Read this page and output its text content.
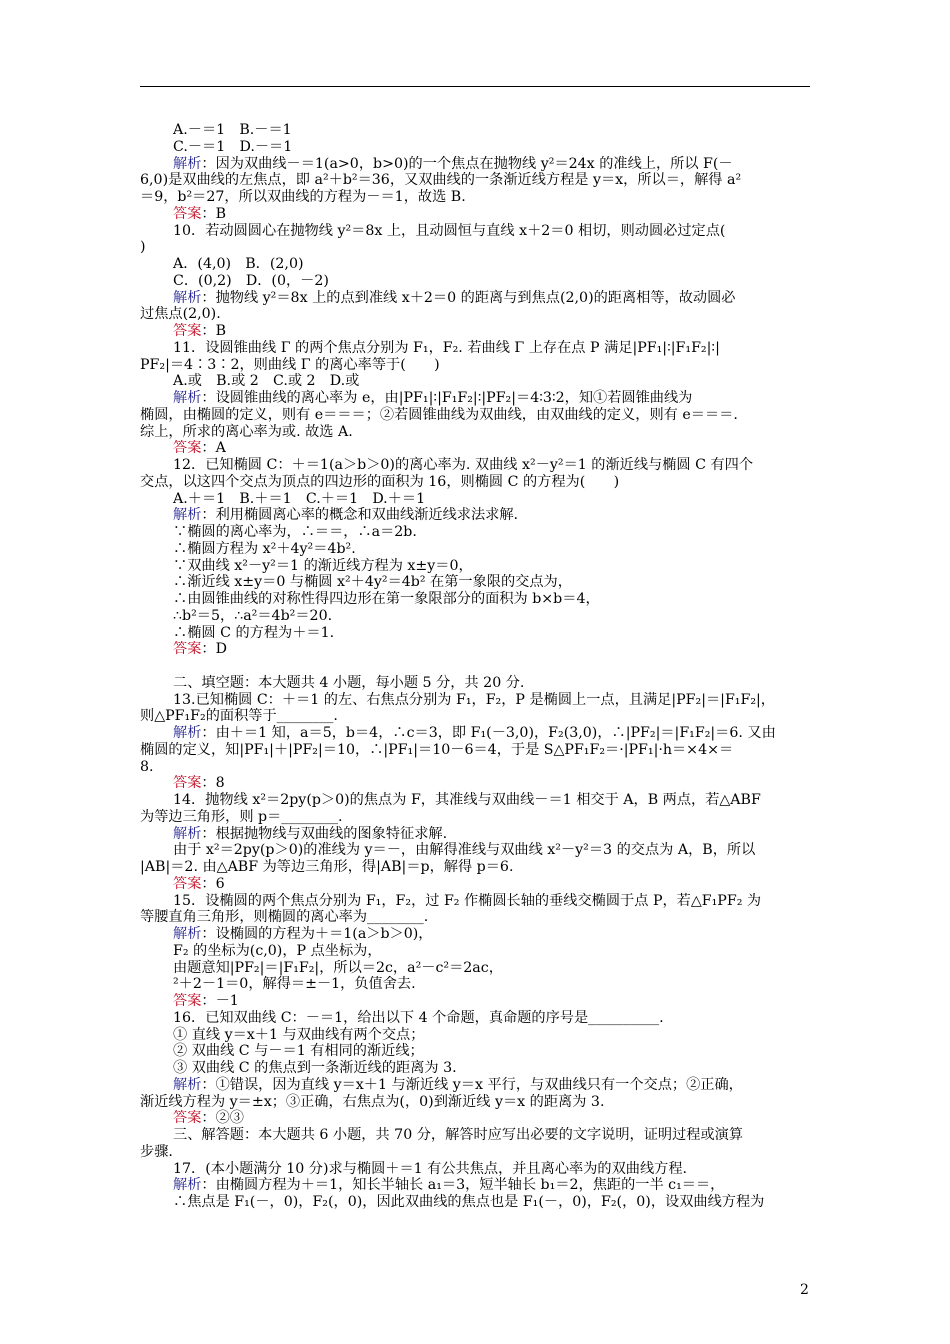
A.－＝1　B.－＝1
C.－＝1　D.－＝1
解析：因为双曲线－＝1(a>0，b>0)的一个焦点在抛物线 y²＝24x 的准线上，所以 F(－
6,0)是双曲线的左焦点，即 a²＋b²＝36，又双曲线的一条渐近线方程是 y＝x，所以＝，解得 a²
＝9，b²＝27，所以双曲线的方程为－＝1，故选 B.
答案：B
10．若动圆圆心在抛物线 y²＝8x 上，且动圆恒与直线 x＋2＝0 相切，则动圆必过定点(
)
A．(4,0)　B．(2,0)
C．(0,2)　D．(0，－2)
解析：抛物线 y²＝8x 上的点到准线 x＋2＝0 的距离与到焦点(2,0)的距离相等，故动圆必
过焦点(2,0).
答案：B
11．设圆锥曲线 Γ 的两个焦点分别为 F₁，F₂. 若曲线 Γ 上存在点 P 满足|PF₁|∶|F₁F₂|∶|
PF₂|＝4∶3∶2，则曲线 Γ 的离心率等于(　　)
A.或　B.或 2　C.或 2　D.或
解析：设圆锥曲线的离心率为 e，由|PF₁|∶|F₁F₂|∶|PF₂|＝4∶3∶2，知①若圆锥曲线为
椭圆，由椭圆的定义，则有 e＝＝＝；②若圆锥曲线为双曲线，由双曲线的定义，则有 e＝＝＝.
综上，所求的离心率为或. 故选 A.
答案：A
12．已知椭圆 C：＋＝1(a＞b＞0)的离心率为. 双曲线 x²－y²＝1 的渐近线与椭圆 C 有四个
交点，以这四个交点为顶点的四边形的面积为 16，则椭圆 C 的方程为(　　)
A.＋＝1　B.＋＝1　C.＋＝1　D.＋＝1
解析：利用椭圆离心率的概念和双曲线渐近线求法求解.
∵椭圆的离心率为，∴＝＝，∴a＝2b.
∴椭圆方程为 x²＋4y²＝4b².
∵双曲线 x²－y²＝1 的渐近线方程为 x±y＝0，
∴渐近线 x±y＝0 与椭圆 x²＋4y²＝4b² 在第一象限的交点为，
∴由圆锥曲线的对称性得四边形在第一象限部分的面积为 b×b＝4，
∴b²＝5，∴a²＝4b²＝20.
∴椭圆 C 的方程为＋＝1.
答案：D
二、填空题：本大题共 4 小题，每小题 5 分，共 20 分.
13.已知椭圆 C：＋＝1 的左、右焦点分别为 F₁，F₂，P 是椭圆上一点，且满足|PF₂|＝|F₁F₂|，
则△PF₁F₂的面积等于________.
解析：由＋＝1 知，a＝5，b＝4，∴c＝3，即 F₁(－3,0)，F₂(3,0)，∴|PF₂|＝|F₁F₂|＝6. 又由
椭圆的定义，知|PF₁|＋|PF₂|＝10，∴|PF₁|＝10－6＝4，于是 S△PF₁F₂＝·|PF₁|·h＝×4×＝
8.
答案：8
14．抛物线 x²＝2py(p＞0)的焦点为 F，其准线与双曲线－＝1 相交于 A，B 两点，若△ABF
为等边三角形，则 p＝________.
解析：根据抛物线与双曲线的图象特征求解.
由于 x²＝2py(p＞0)的准线为 y＝－，由解得准线与双曲线 x²－y²＝3 的交点为 A，B，所以
|AB|＝2. 由△ABF 为等边三角形，得|AB|＝p，解得 p＝6.
答案：6
15．设椭圆的两个焦点分别为 F₁，F₂，过 F₂ 作椭圆长轴的垂线交椭圆于点 P，若△F₁PF₂ 为
等腰直角三角形，则椭圆的离心率为________.
解析：设椭圆的方程为＋＝1(a＞b＞0)，
F₂ 的坐标为(c,0)，P 点坐标为，
由题意知|PF₂|＝|F₁F₂|，所以＝2c，a²－c²＝2ac，
²＋2－1＝0，解得＝±－1，负值舍去.
答案：－1
16．已知双曲线 C：－＝1，给出以下 4 个命题，真命题的序号是__________.
① 直线 y＝x＋1 与双曲线有两个交点；
② 双曲线 C 与－＝1 有相同的渐近线；
③ 双曲线 C 的焦点到一条渐近线的距离为 3.
解析：①错误，因为直线 y＝x＋1 与渐近线 y＝x 平行，与双曲线只有一个交点；②正确，
渐近线方程为 y＝±x；③正确，右焦点为(，0)到渐近线 y＝x 的距离为 3.
答案：②③
三、解答题：本大题共 6 小题，共 70 分，解答时应写出必要的文字说明，证明过程或演算
步骤.
17．(本小题满分 10 分)求与椭圆＋＝1 有公共焦点，并且离心率为的双曲线方程.
解析：由椭圆方程为＋＝1，知长半轴长 a₁＝3，短半轴长 b₁＝2，焦距的一半 c₁＝＝，
∴焦点是 F₁(－，0)，F₂(，0)，因此双曲线的焦点也是 F₁(－，0)，F₂(，0)，设双曲线方程为
2
